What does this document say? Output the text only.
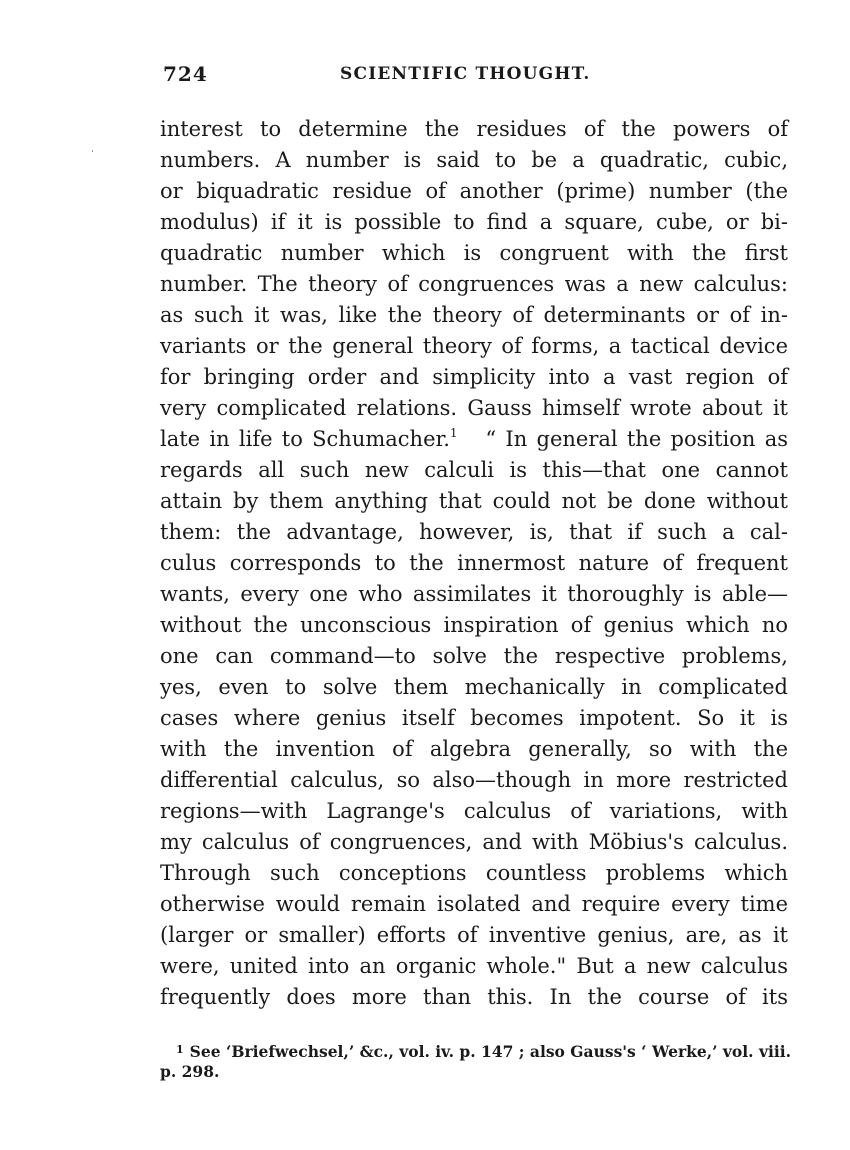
724	SCIENTIFIC THOUGHT.
interest to determine the residues of the powers of
numbers. A number is said to be a quadratic, cubic,
or biquadratic residue of another (prime) number (the
modulus) if it is possible to find a square, cube, or bi-
quadratic number which is congruent with the first
number. The theory of congruences was a new calculus:
as such it was, like the theory of determinants or of in-
variants or the general theory of forms, a tactical device
for bringing order and simplicity into a vast region of
very complicated relations. Gauss himself wrote about it
late in life to Schumacher.$^1$ “ In general the position as
regards all such new calculi is this—that one cannot
attain by them anything that could not be done without
them: the advantage, however, is, that if such a cal-
culus corresponds to the innermost nature of frequent
wants, every one who assimilates it thoroughly is able—
without the unconscious inspiration of genius which no
one can command—to solve the respective problems,
yes, even to solve them mechanically in complicated
cases where genius itself becomes impotent. So it is
with the invention of algebra generally, so with the
differential calculus, so also—though in more restricted
regions—with Lagrange's calculus of variations, with
my calculus of congruences, and with Möbius's calculus.
Through such conceptions countless problems which
otherwise would remain isolated and require every time
(larger or smaller) efforts of inventive genius, are, as it
were, united into an organic whole." But a new calculus
frequently does more than this. In the course of its
$^1$ See ‘Briefwechsel,’ &c., vol. iv. p. 147 ; also Gauss's ‘ Werke,’ vol. viii.
p. 298.
